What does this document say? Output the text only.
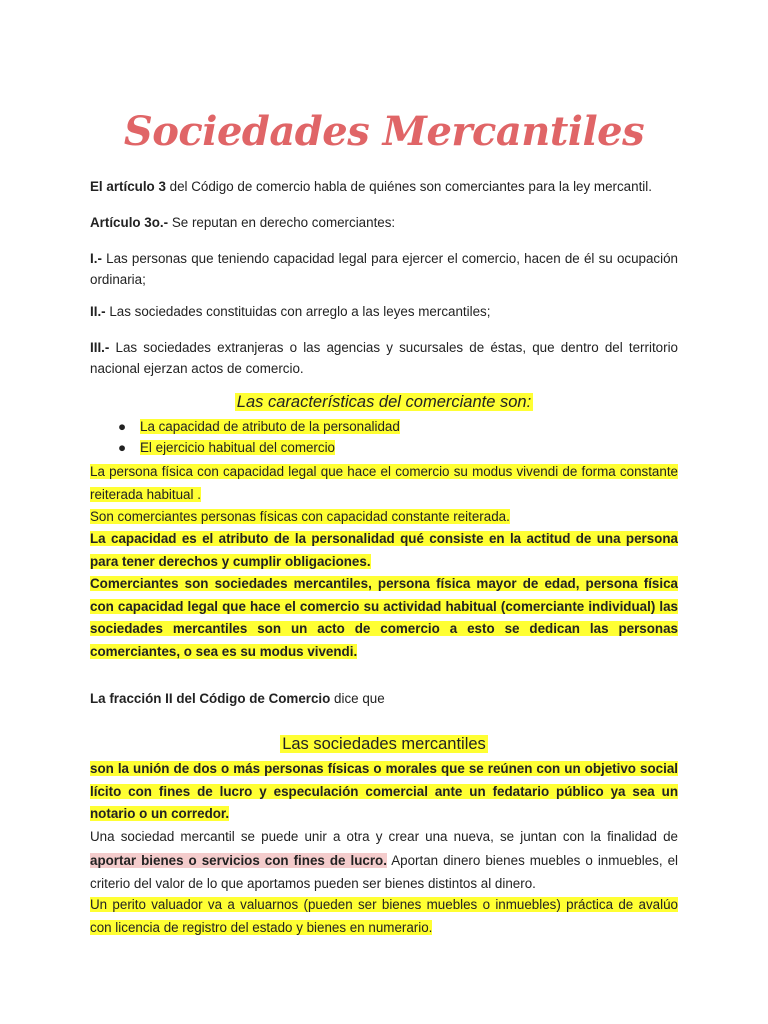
Sociedades Mercantiles
El artículo 3 del Código de comercio habla de quiénes son comerciantes para la ley mercantil.
Artículo 3o.- Se reputan en derecho comerciantes:
I.- Las personas que teniendo capacidad legal para ejercer el comercio, hacen de él su ocupación ordinaria;
II.- Las sociedades constituidas con arreglo a las leyes mercantiles;
III.- Las sociedades extranjeras o las agencias y sucursales de éstas, que dentro del territorio nacional ejerzan actos de comercio.
Las características del comerciante son:
● La capacidad de atributo de la personalidad
● El ejercicio habitual del comercio
La persona física con capacidad legal que hace el comercio su modus vivendi de forma constante reiterada habitual .
Son comerciantes personas físicas con capacidad constante reiterada.
La capacidad es el atributo de la personalidad qué consiste en la actitud de una persona para tener derechos y cumplir obligaciones.
Comerciantes son sociedades mercantiles, persona física mayor de edad, persona física con capacidad legal que hace el comercio su actividad habitual (comerciante individual) las sociedades mercantiles son un acto de comercio a esto se dedican las personas comerciantes, o sea es su modus vivendi.
La fracción II del Código de Comercio dice que
Las sociedades mercantiles
son la unión de dos o más personas físicas o morales que se reúnen con un objetivo social lícito con fines de lucro y especulación comercial ante un fedatario público ya sea un notario o un corredor.
Una sociedad mercantil se puede unir a otra y crear una nueva, se juntan con la finalidad de aportar bienes o servicios con fines de lucro. Aportan dinero bienes muebles o inmuebles, el criterio del valor de lo que aportamos pueden ser bienes distintos al dinero.
Un perito valuador va a valuarnos (pueden ser bienes muebles o inmuebles) práctica de avalúo con licencia de registro del estado y bienes en numerario.
